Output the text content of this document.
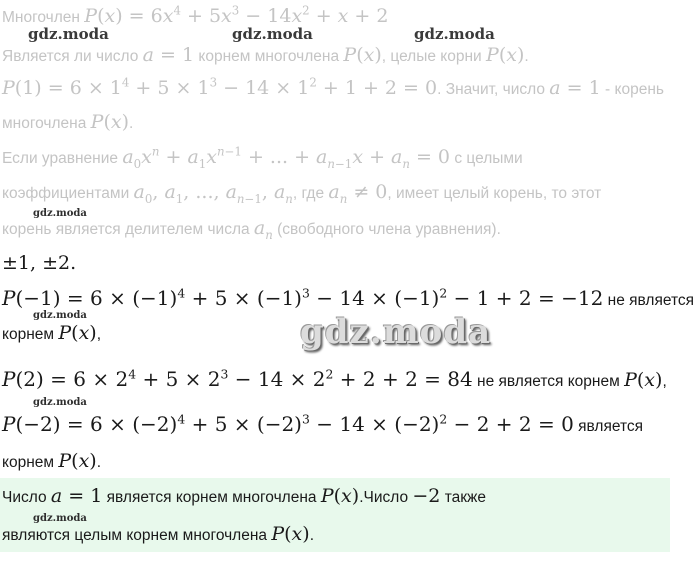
Многочлен $P(x) = 6x^4 + 5x^3 - 14x^2 + x + 2$
Является ли число a = 1 корнем многочлена P(x), целые корни P(x).
$P(1) = 6 \times 1^4 + 5 \times 1^3 - 14 \times 1^2 + 1 + 2 = 0$. Значит, число a = 1 - корень
многочлена P(x).
Если уравнение $a_0x^n + a_1x^{n-1}$ + ... + $a_{n-1}x + a_n = 0$ с целыми
коэффициентами $a_0$, $a_1$, ..., $a_{n-1}$, $a_n$, где $a_n \ne 0$, имеет целый корень, то этот
корень является делителем числа $a_n$ (свободного члена уравнения).
±1, ±2.
$P(-1) = 6 \times (-1)^4 + 5 \times (-1)^3 - 14 \times (-1)^2 - 1 + 2 = -12$ не является
корнем P(x),
$P(2) = 6 \times 2^4 + 5 \times 2^3 - 14 \times 2^2 + 2 + 2 = 84$ не является корнем P(x),
$P(-2) = 6 \times (-2)^4 + 5 \times (-2)^3 - 14 \times (-2)^2 - 2 + 2 = 0$ является
корнем P(x).
Число a = 1 является корнем многочлена P(x).Число −2 также
являются целым корнем многочлена P(x).
gdz.moda	gdz.moda	gdz.moda
gdz.moda
gdz.moda
gdz.moda
gdz.moda
gdz.moda
